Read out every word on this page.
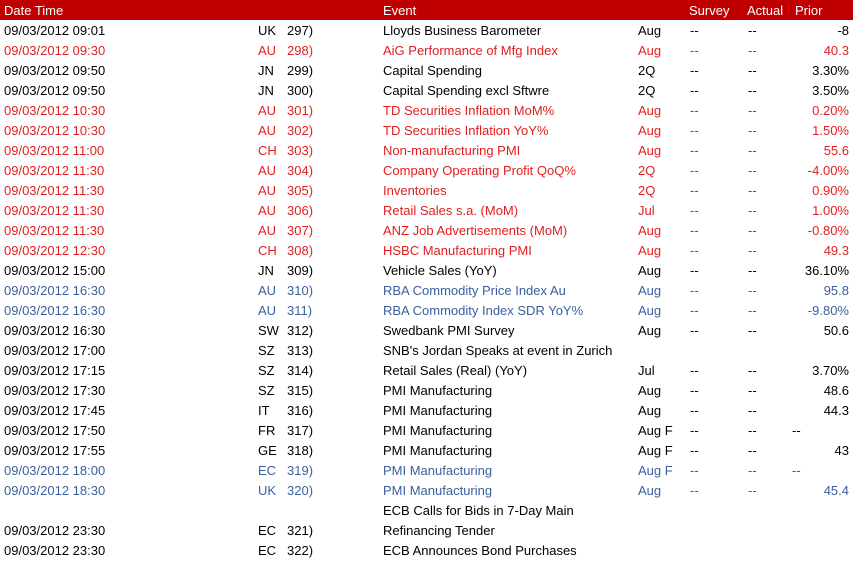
Date Time	Event	Survey Actual Prior
09/03/2012 09:01	UK 297)	Lloyds Business Barometer	Aug --	--	-8
09/03/2012 09:30	AU 298)	AiG Performance of Mfg Index	Aug --	--	40.3
09/03/2012 09:50	JN 299)	Capital Spending	2Q	--	--	3.30%
09/03/2012 09:50	JN 300)	Capital Spending excl Sftwre	2Q	--	--	3.50%
09/03/2012 10:30	AU 301)	TD Securities Inflation MoM%	Aug --	--	0.20%
09/03/2012 10:30	AU 302)	TD Securities Inflation YoY%	Aug --	--	1.50%
09/03/2012 11:00	CH 303)	Non-manufacturing PMI	Aug --	--	55.6
09/03/2012 11:30	AU 304)	Company Operating Profit QoQ%	2Q	--	--	-4.00%
09/03/2012 11:30	AU 305)	Inventories	2Q	--	--	0.90%
09/03/2012 11:30	AU 306)	Retail Sales s.a. (MoM)	Jul	--	--	1.00%
09/03/2012 11:30	AU 307)	ANZ Job Advertisements (MoM)	Aug --	--	-0.80%
09/03/2012 12:30	CH 308)	HSBC Manufacturing PMI	Aug --	--	49.3
09/03/2012 15:00	JN 309)	Vehicle Sales (YoY)	Aug --	--	36.10%
09/03/2012 16:30	AU 310)	RBA Commodity Price Index Au	Aug --	--	95.8
09/03/2012 16:30	AU 311)	RBA Commodity Index SDR YoY%	Aug --	--	-9.80%
09/03/2012 16:30	SW 312)	Swedbank PMI Survey	Aug --	--	50.6
09/03/2012 17:00	SZ 313)	SNB's Jordan Speaks at event in Zurich
09/03/2012 17:15	SZ 314)	Retail Sales (Real) (YoY)	Jul	--	--	3.70%
09/03/2012 17:30	SZ 315)	PMI Manufacturing	Aug --	--	48.6
09/03/2012 17:45	IT 316)	PMI Manufacturing	Aug --	--	44.3
09/03/2012 17:50	FR 317)	PMI Manufacturing	Aug F --	--	--
09/03/2012 17:55	GE 318)	PMI Manufacturing	Aug F --	--	43
09/03/2012 18:00	EC 319)	PMI Manufacturing	Aug F --	--	--
09/03/2012 18:30	UK 320)	PMI Manufacturing	Aug --	--	45.4
ECB Calls for Bids in 7-Day Main
09/03/2012 23:30	EC 321)	Refinancing Tender
09/03/2012 23:30	EC 322)	ECB Announces Bond Purchases
